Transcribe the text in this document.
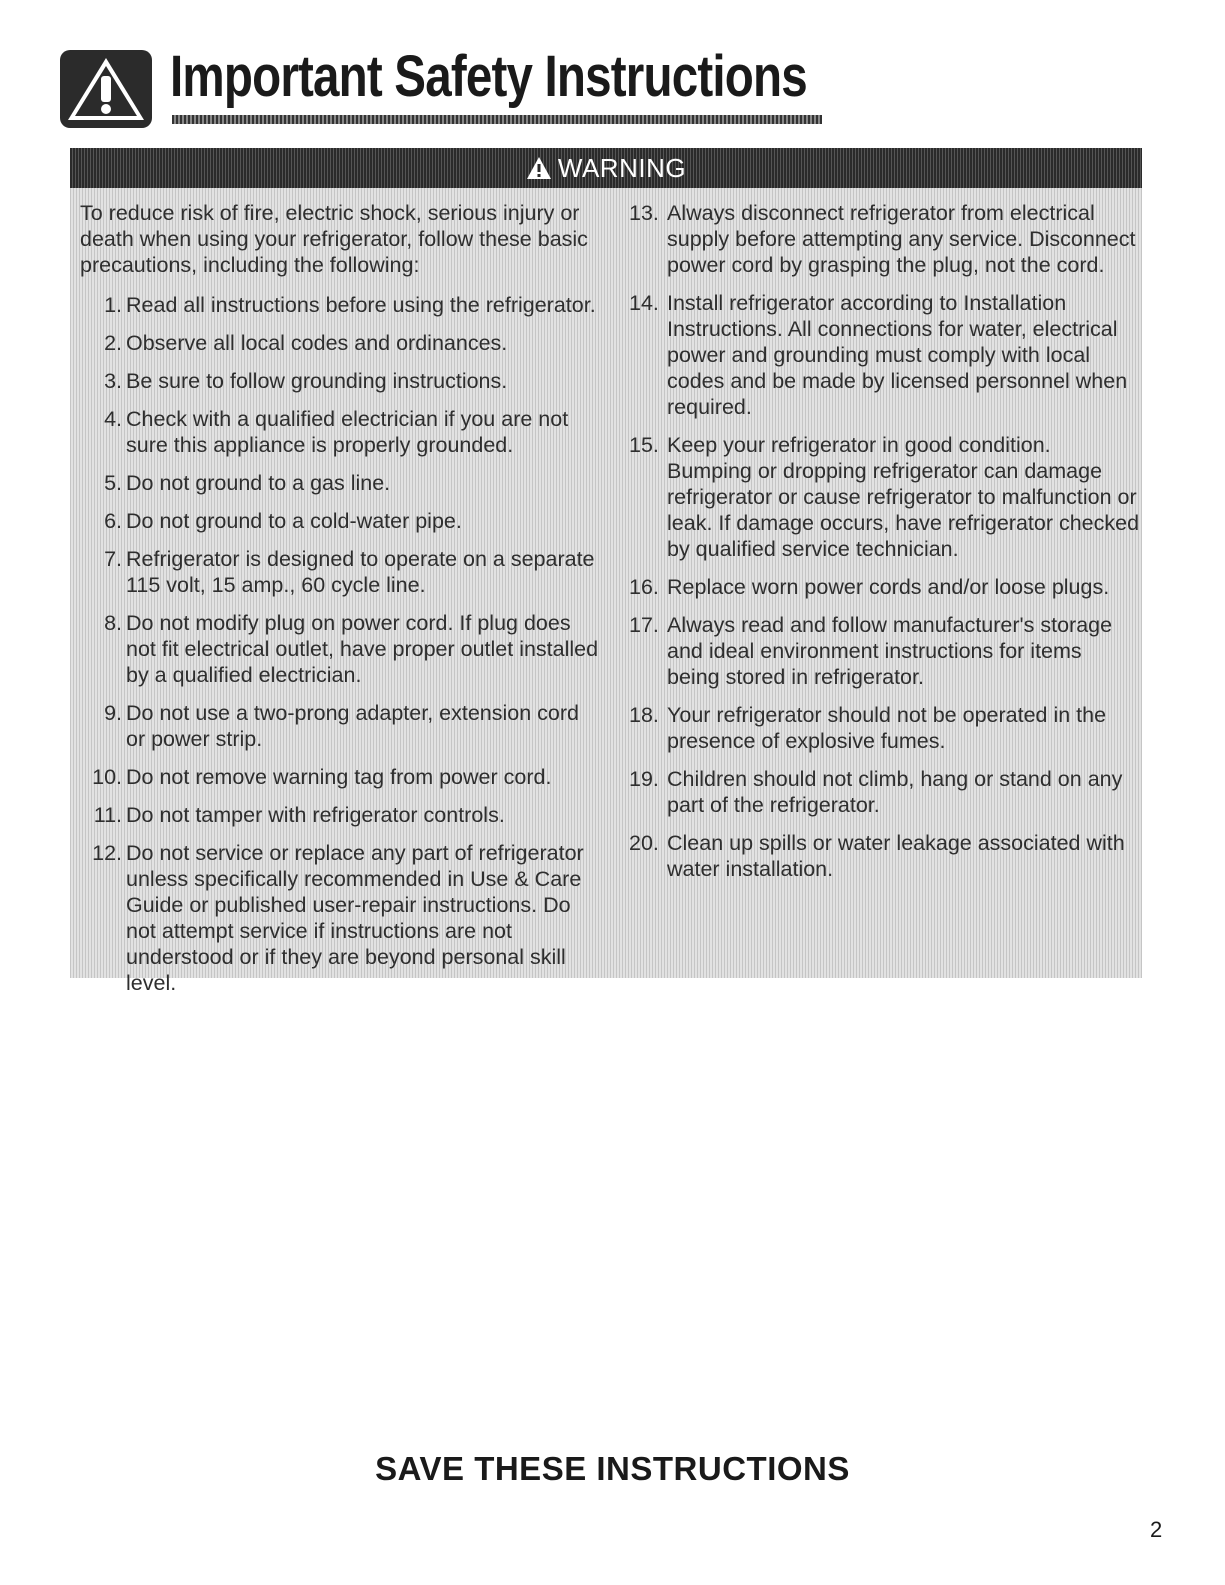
Important Safety Instructions
WARNING
To reduce risk of fire, electric shock, serious injury or death when using your refrigerator, follow these basic precautions, including the following:
1. Read all instructions before using the refrigerator.
2. Observe all local codes and ordinances.
3. Be sure to follow grounding instructions.
4. Check with a qualified electrician if you are not sure this appliance is properly grounded.
5. Do not ground to a gas line.
6. Do not ground to a cold-water pipe.
7. Refrigerator is designed to operate on a separate 115 volt, 15 amp., 60 cycle line.
8. Do not modify plug on power cord. If plug does not fit electrical outlet, have proper outlet installed by a qualified electrician.
9. Do not use a two-prong adapter, extension cord or power strip.
10. Do not remove warning tag from power cord.
11. Do not tamper with refrigerator controls.
12. Do not service or replace any part of refrigerator unless specifically recommended in Use & Care Guide or published user-repair instructions. Do not attempt service if instructions are not understood or if they are beyond personal skill level.
13. Always disconnect refrigerator from electrical supply before attempting any service. Disconnect power cord by grasping the plug, not the cord.
14. Install refrigerator according to Installation Instructions. All connections for water, electrical power and grounding must comply with local codes and be made by licensed personnel when required.
15. Keep your refrigerator in good condition. Bumping or dropping refrigerator can damage refrigerator or cause refrigerator to malfunction or leak. If damage occurs, have refrigerator checked by qualified service technician.
16. Replace worn power cords and/or loose plugs.
17. Always read and follow manufacturer's storage and ideal environment instructions for items being stored in refrigerator.
18. Your refrigerator should not be operated in the presence of explosive fumes.
19. Children should not climb, hang or stand on any part of the refrigerator.
20. Clean up spills or water leakage associated with water installation.
SAVE THESE INSTRUCTIONS
2
